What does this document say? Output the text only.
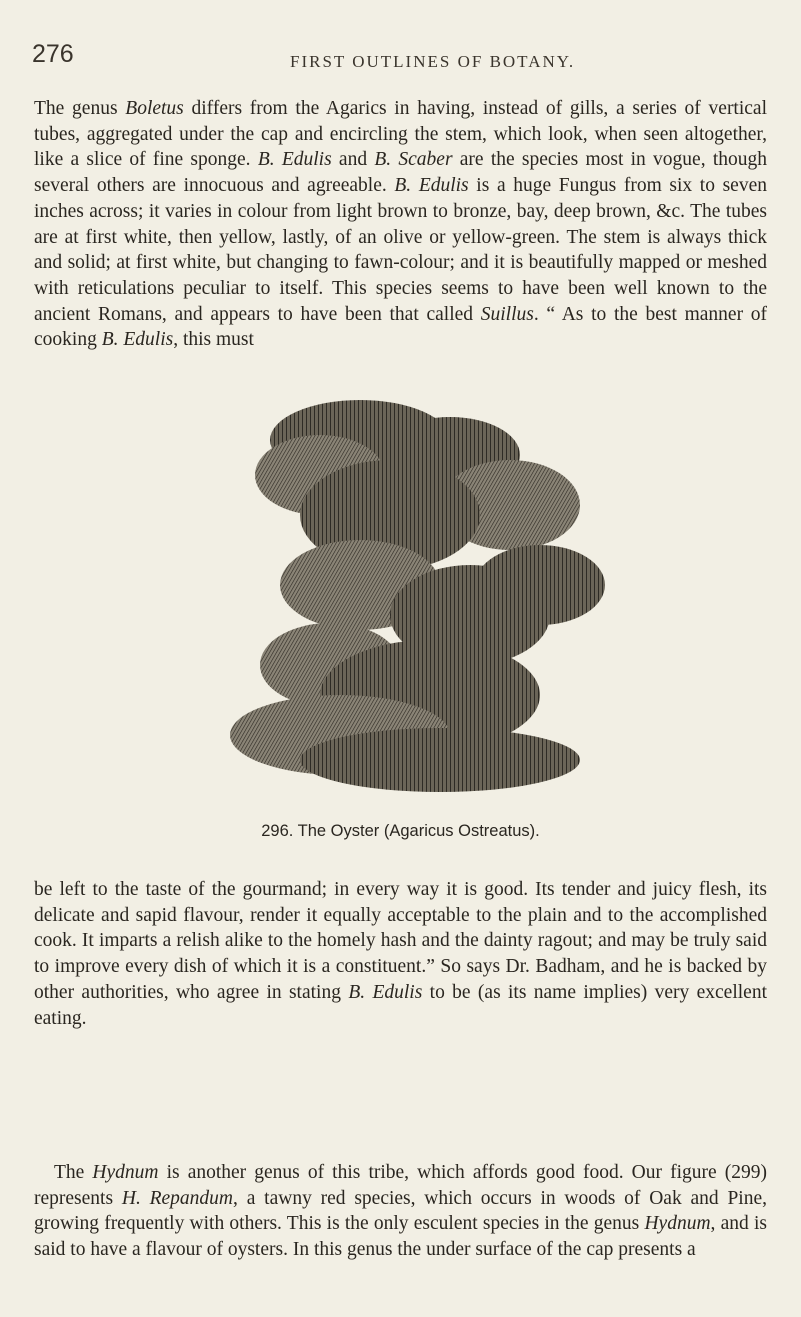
276	FIRST OUTLINES OF BOTANY.

The genus Boletus differs from the Agarics in having, instead of gills, a series of vertical tubes, aggregated under the cap and encircling the stem, which look, when seen altogether, like a slice of fine sponge. B. Edulis and B. Scaber are the species most in vogue, though several others are innocuous and agreeable. B. Edulis is a huge Fungus from six to seven inches across; it varies in colour from light brown to bronze, bay, deep brown, &c. The tubes are at first white, then yellow, lastly, of an olive or yellow-green. The stem is always thick and solid; at first white, but changing to fawn-colour; and it is beautifully mapped or meshed with reticulations peculiar to itself. This species seems to have been well known to the ancient Romans, and appears to have been that called Suillus. “ As to the best manner of cooking B. Edulis, this must

296. The Oyster (Agaricus Ostreatus).

be left to the taste of the gourmand; in every way it is good. Its tender and juicy flesh, its delicate and sapid flavour, render it equally acceptable to the plain and to the accomplished cook. It imparts a relish alike to the homely hash and the dainty ragout; and may be truly said to improve every dish of which it is a constituent.” So says Dr. Badham, and he is backed by other authorities, who agree in stating B. Edulis to be (as its name implies) very excellent eating.

The Hydnum is another genus of this tribe, which affords good food. Our figure (299) represents H. Repandum, a tawny red species, which occurs in woods of Oak and Pine, growing frequently with others. This is the only esculent species in the genus Hydnum, and is said to have a flavour of oysters. In this genus the under surface of the cap presents a
